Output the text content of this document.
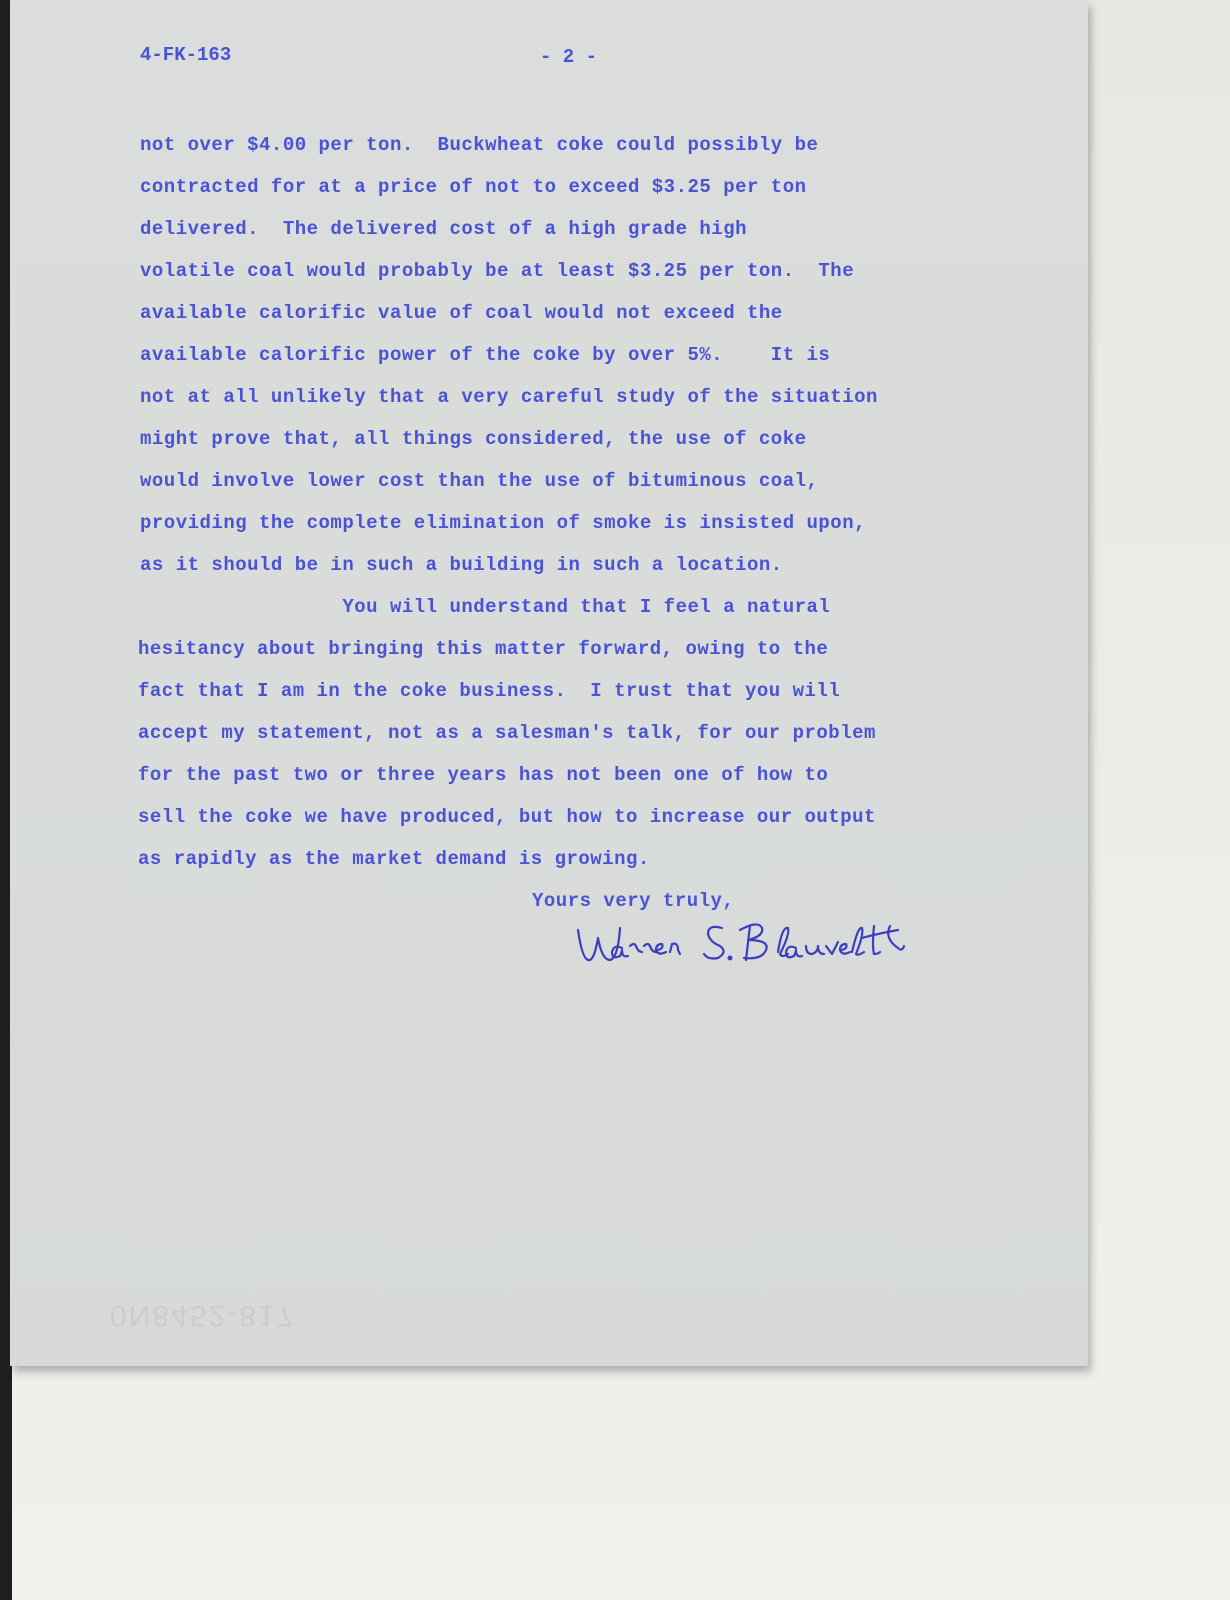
4-FK-163	- 2 -

not over $4.00 per ton.  Buckwheat coke could possibly be

contracted for at a price of not to exceed $3.25 per ton

delivered.  The delivered cost of a high grade high

volatile coal would probably be at least $3.25 per ton.  The

available calorific value of coal would not exceed the

available calorific power of the coke by over 5%.    It is

not at all unlikely that a very careful study of the situation

might prove that, all things considered, the use of coke

would involve lower cost than the use of bituminous coal,

providing the complete elimination of smoke is insisted upon,

as it should be in such a building in such a location.

You will understand that I feel a natural

hesitancy about bringing this matter forward, owing to the

fact that I am in the coke business.  I trust that you will

accept my statement, not as a salesman's talk, for our problem

for the past two or three years has not been one of how to

sell the coke we have produced, but how to increase our output

as rapidly as the market demand is growing.

Yours very truly,

0N8452-817
